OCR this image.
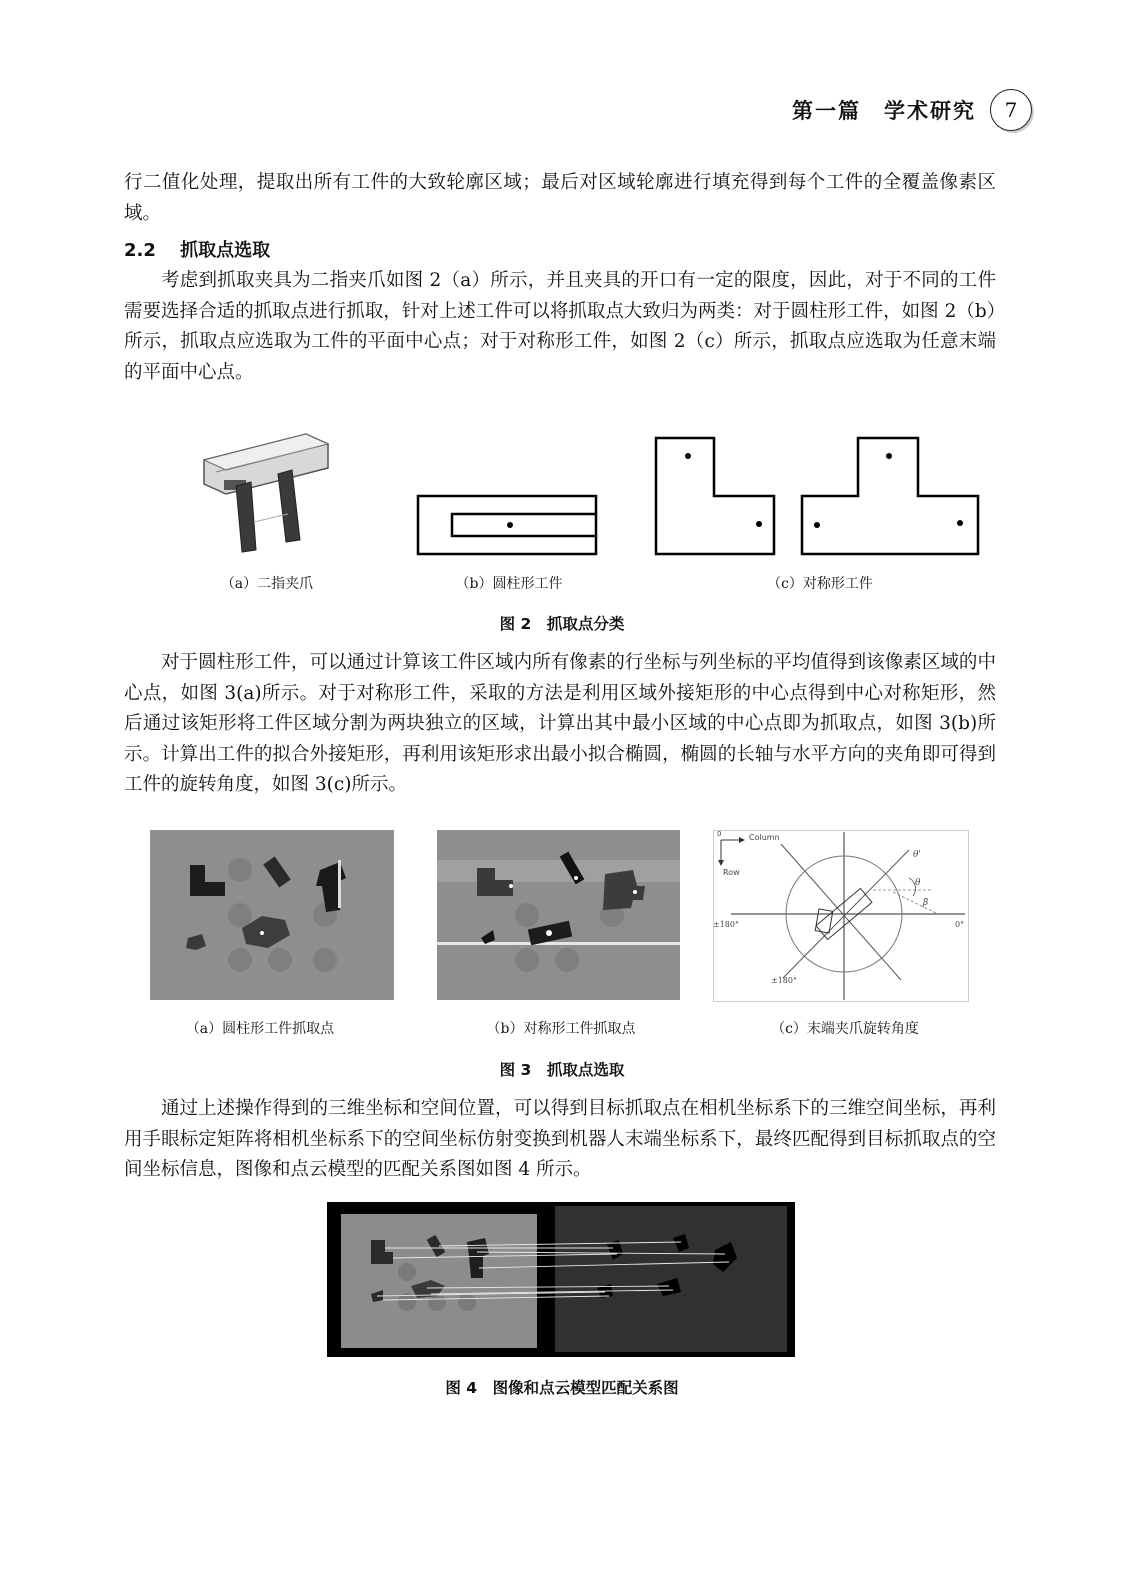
第一篇　学术研究	7
行二值化处理，提取出所有工件的大致轮廓区域；最后对区域轮廓进行填充得到每个工件的全覆盖像素区域。
2.2 抓取点选取
考虑到抓取夹具为二指夹爪如图 2（a）所示，并且夹具的开口有一定的限度，因此，对于不同的工件需要选择合适的抓取点进行抓取，针对上述工件可以将抓取点大致归为两类：对于圆柱形工件，如图 2（b）所示，抓取点应选取为工件的平面中心点；对于对称形工件，如图 2（c）所示，抓取点应选取为任意末端的平面中心点。
（a）二指夹爪	（b）圆柱形工件	（c）对称形工件
图 2　抓取点分类
对于圆柱形工件，可以通过计算该工件区域内所有像素的行坐标与列坐标的平均值得到该像素区域的中心点，如图 3(a)所示。对于对称形工件，采取的方法是利用区域外接矩形的中心点得到中心对称矩形，然后通过该矩形将工件区域分割为两块独立的区域，计算出其中最小区域的中心点即为抓取点，如图 3(b)所示。计算出工件的拟合外接矩形，再利用该矩形求出最小拟合椭圆，椭圆的长轴与水平方向的夹角即可得到工件的旋转角度，如图 3(c)所示。
0	Column
Row
θ'
θ
β
±180°	0°
±180°
（a）圆柱形工件抓取点	（b）对称形工件抓取点	（c）末端夹爪旋转角度
图 3　抓取点选取
通过上述操作得到的三维坐标和空间位置，可以得到目标抓取点在相机坐标系下的三维空间坐标，再利用手眼标定矩阵将相机坐标系下的空间坐标仿射变换到机器人末端坐标系下，最终匹配得到目标抓取点的空间坐标信息，图像和点云模型的匹配关系图如图 4 所示。
图 4　图像和点云模型匹配关系图
